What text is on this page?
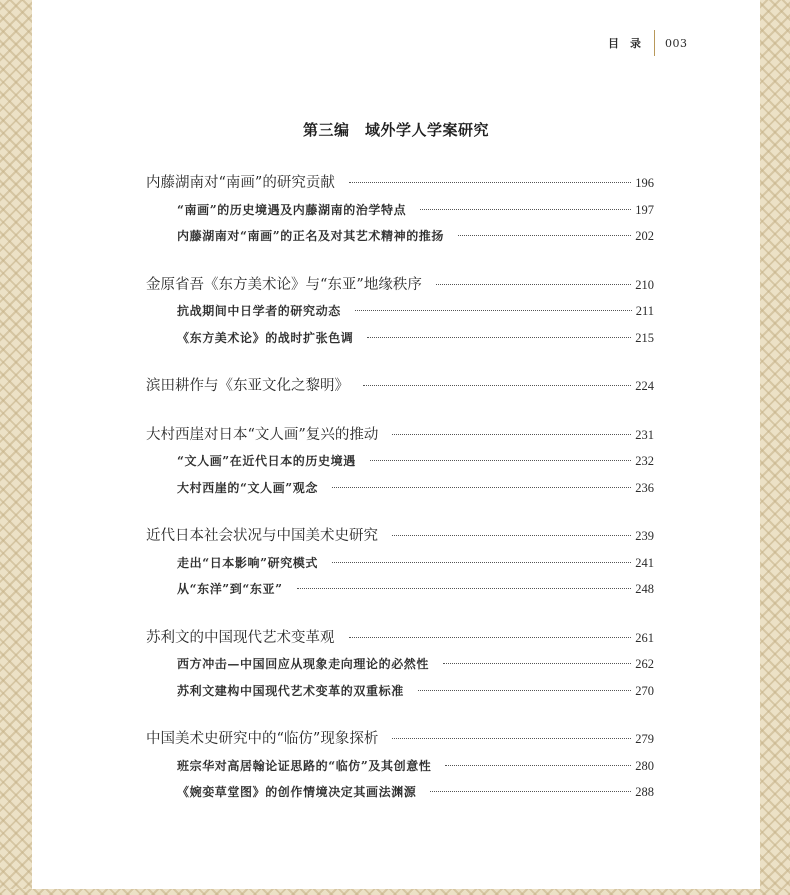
目录 003
第三编　域外学人学案研究
内藤湖南对“南画”的研究贡献	196
“南画”的历史境遇及内藤湖南的治学特点	197
内藤湖南对“南画”的正名及对其艺术精神的推扬	202
金原省吾《东方美术论》与“东亚”地缘秩序	210
抗战期间中日学者的研究动态	211
《东方美术论》的战时扩张色调	215
滨田耕作与《东亚文化之黎明》	224
大村西崖对日本“文人画”复兴的推动	231
“文人画”在近代日本的历史境遇	232
大村西崖的“文人画”观念	236
近代日本社会状况与中国美术史研究	239
走出“日本影响”研究模式	241
从“东洋”到“东亚”	248
苏利文的中国现代艺术变革观	261
西方冲击—中国回应从现象走向理论的必然性	262
苏利文建构中国现代艺术变革的双重标准	270
中国美术史研究中的“临仿”现象探析	279
班宗华对高居翰论证思路的“临仿”及其创意性	280
《婉娈草堂图》的创作情境决定其画法渊源	288
